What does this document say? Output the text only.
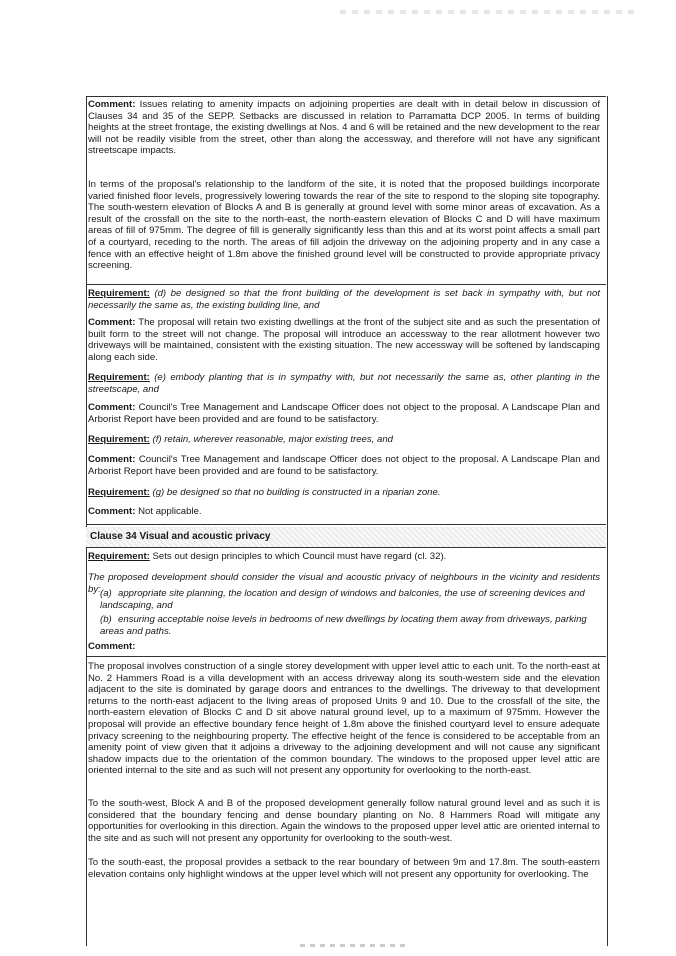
Comment: Issues relating to amenity impacts on adjoining properties are dealt with in detail below in discussion of Clauses 34 and 35 of the SEPP. Setbacks are discussed in relation to Parramatta DCP 2005. In terms of building heights at the street frontage, the existing dwellings at Nos. 4 and 6 will be retained and the new development to the rear will not be readily visible from the street, other than along the accessway, and therefore will not have any significant streetscape impacts.

In terms of the proposal's relationship to the landform of the site, it is noted that the proposed buildings incorporate varied finished floor levels, progressively lowering towards the rear of the site to respond to the sloping site topography. The south-western elevation of Blocks A and B is generally at ground level with some minor areas of excavation. As a result of the crossfall on the site to the north-east, the north-eastern elevation of Blocks C and D will have maximum areas of fill of 975mm. The degree of fill is generally significantly less than this and at its worst point affects a small part of a courtyard, receding to the north. The areas of fill adjoin the driveway on the adjoining property and in any case a fence with an effective height of 1.8m above the finished ground level will be constructed to provide appropriate privacy screening.

Requirement: (d) be designed so that the front building of the development is set back in sympathy with, but not necessarily the same as, the existing building line, and

Comment: The proposal will retain two existing dwellings at the front of the subject site and as such the presentation of built form to the street will not change. The proposal will introduce an accessway to the rear allotment however two driveways will be maintained, consistent with the existing situation. The new accessway will be softened by landscaping along each side.

Requirement: (e) embody planting that is in sympathy with, but not necessarily the same as, other planting in the streetscape, and

Comment: Council's Tree Management and Landscape Officer does not object to the proposal. A Landscape Plan and Arborist Report have been provided and are found to be satisfactory.

Requirement: (f) retain, wherever reasonable, major existing trees, and

Comment: Council's Tree Management and landscape Officer does not object to the proposal. A Landscape Plan and Arborist Report have been provided and are found to be satisfactory.

Requirement: (g) be designed so that no building is constructed in a riparian zone.

Comment: Not applicable.

Clause 34 Visual and acoustic privacy

Requirement: Sets out design principles to which Council must have regard (cl. 32).

The proposed development should consider the visual and acoustic privacy of neighbours in the vicinity and residents by: (a) appropriate site planning, the location and design of windows and balconies, the use of screening devices and landscaping, and
(b) ensuring acceptable noise levels in bedrooms of new dwellings by locating them away from driveways, parking areas and paths.

Comment:

The proposal involves construction of a single storey development with upper level attic to each unit. To the north-east at No. 2 Hammers Road is a villa development with an access driveway along its south-western side and the elevation adjacent to the site is dominated by garage doors and entrances to the dwellings. The driveway to that development returns to the north-east adjacent to the living areas of proposed Units 9 and 10. Due to the crossfall of the site, the north-eastern elevation of Blocks C and D sit above natural ground level, up to a maximum of 975mm. However the proposal will provide an effective boundary fence height of 1.8m above the finished courtyard level to ensure adequate privacy screening to the neighbouring property. The effective height of the fence is considered to be acceptable from an amenity point of view given that it adjoins a driveway to the adjoining development and will not cause any significant shadow impacts due to the orientation of the common boundary. The windows to the proposed upper level attic are oriented internal to the site and as such will not present any opportunity for overlooking to the north-east.

To the south-west, Block A and B of the proposed development generally follow natural ground level and as such it is considered that the boundary fencing and dense boundary planting on No. 8 Hammers Road will mitigate any opportunities for overlooking in this direction. Again the windows to the proposed upper level attic are oriented internal to the site and as such will not present any opportunity for overlooking to the south-west.

To the south-east, the proposal provides a setback to the rear boundary of between 9m and 17.8m. The south-eastern elevation contains only highlight windows at the upper level which will not present any opportunity for overlooking. The
